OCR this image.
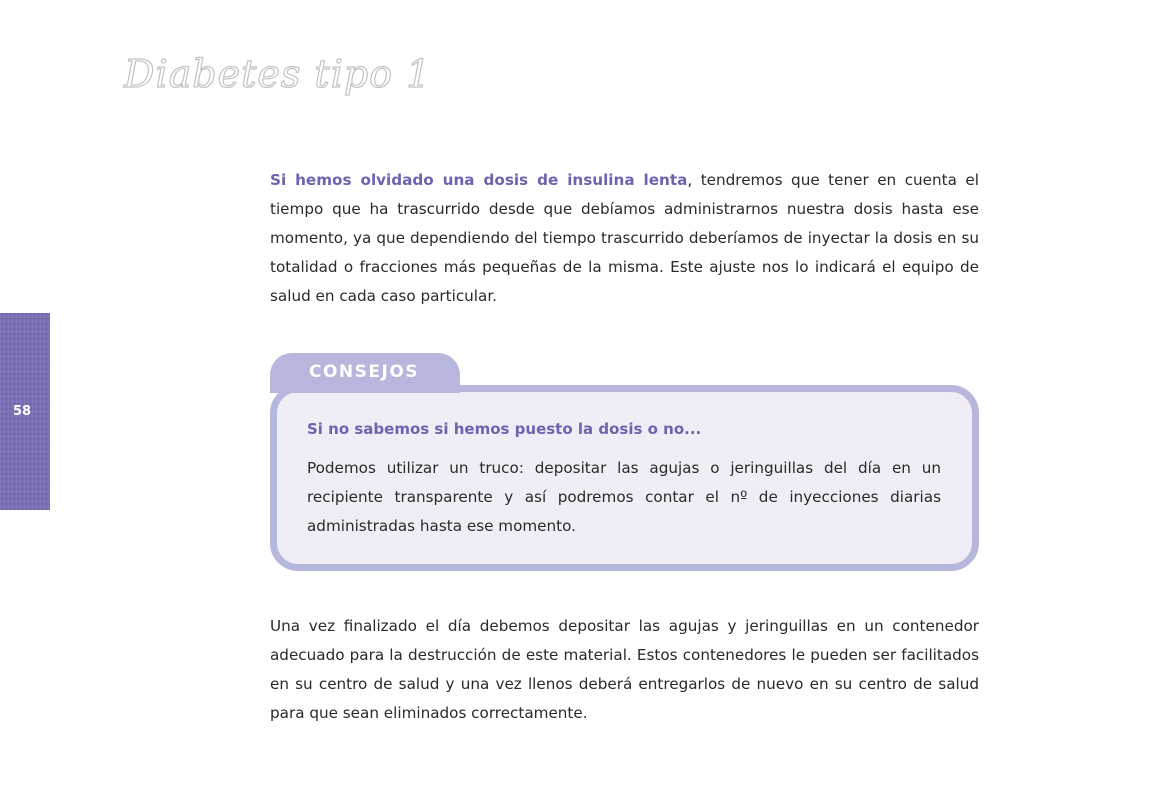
Diabetes tipo 1
58

Si hemos olvidado una dosis de insulina lenta, tendremos que tener en cuenta el tiempo que ha trascurrido desde que debíamos administrarnos nuestra dosis hasta ese momento, ya que dependiendo del tiempo trascurrido deberíamos de inyectar la dosis en su totalidad o fracciones más pequeñas de la misma. Este ajuste nos lo indicará el equipo de salud en cada caso particular.

CONSEJOS

Si no sabemos si hemos puesto la dosis o no...

Podemos utilizar un truco: depositar las agujas o jeringuillas del día en un recipiente transparente y así podremos contar el nº de inyecciones diarias administradas hasta ese momento.

Una vez finalizado el día debemos depositar las agujas y jeringuillas en un contenedor adecuado para la destrucción de este material. Estos contenedores le pueden ser facilitados en su centro de salud y una vez llenos deberá entregarlos de nuevo en su centro de salud para que sean eliminados correctamente.
